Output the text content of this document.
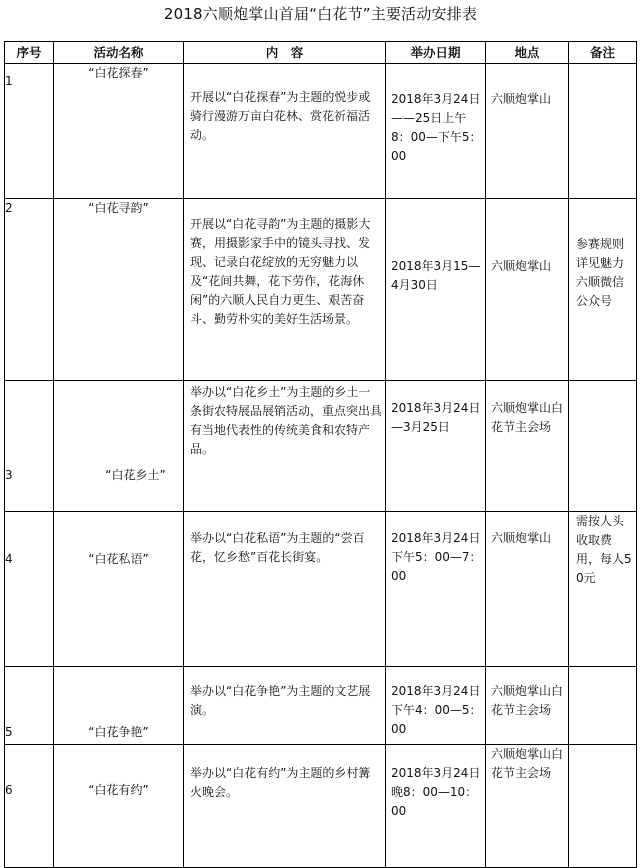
2018六顺炮掌山首届“白花节”主要活动安排表
序号	活动名称	内　容	举办日期	地点	备注
1	“白花探春”	开展以“白花探春”为主题的悦步或骑行漫游万亩白花林、赏花祈福活动。	2018年3月24日——25日上午8：00—下午5：00	六顺炮掌山	

2	“白花寻韵”	开展以“白花寻韵”为主题的摄影大赛，用摄影家手中的镜头寻找、发现、记录白花绽放的无穷魅力以及“花间共舞，花下劳作，花海休闲”的六顺人民自力更生、艰苦奋斗、勤劳朴实的美好生活场景。	2018年3月15—4月30日	六顺炮掌山	参赛规则详见魅力六顺微信公众号

3	“白花乡土”	举办以“白花乡土”为主题的乡土一条街农特展品展销活动，重点突出具有当地代表性的传统美食和农特产品。	2018年3月24日—3月25日	六顺炮掌山白花节主会场	

4	“白花私语”	举办以“白花私语”为主题的“尝百花，忆乡愁”百花长街宴。	2018年3月24日下午5：00—7：00	六顺炮掌山	需按人头收取费用，每人50元

5	“白花争艳”	举办以“白花争艳”为主题的文艺展演。	2018年3月24日下午4：00—5：00	六顺炮掌山白花节主会场	

6	“白花有约”	举办以“白花有约”为主题的乡村篝火晚会。	2018年3月24日晚8：00—10：00	六顺炮掌山白花节主会场	
